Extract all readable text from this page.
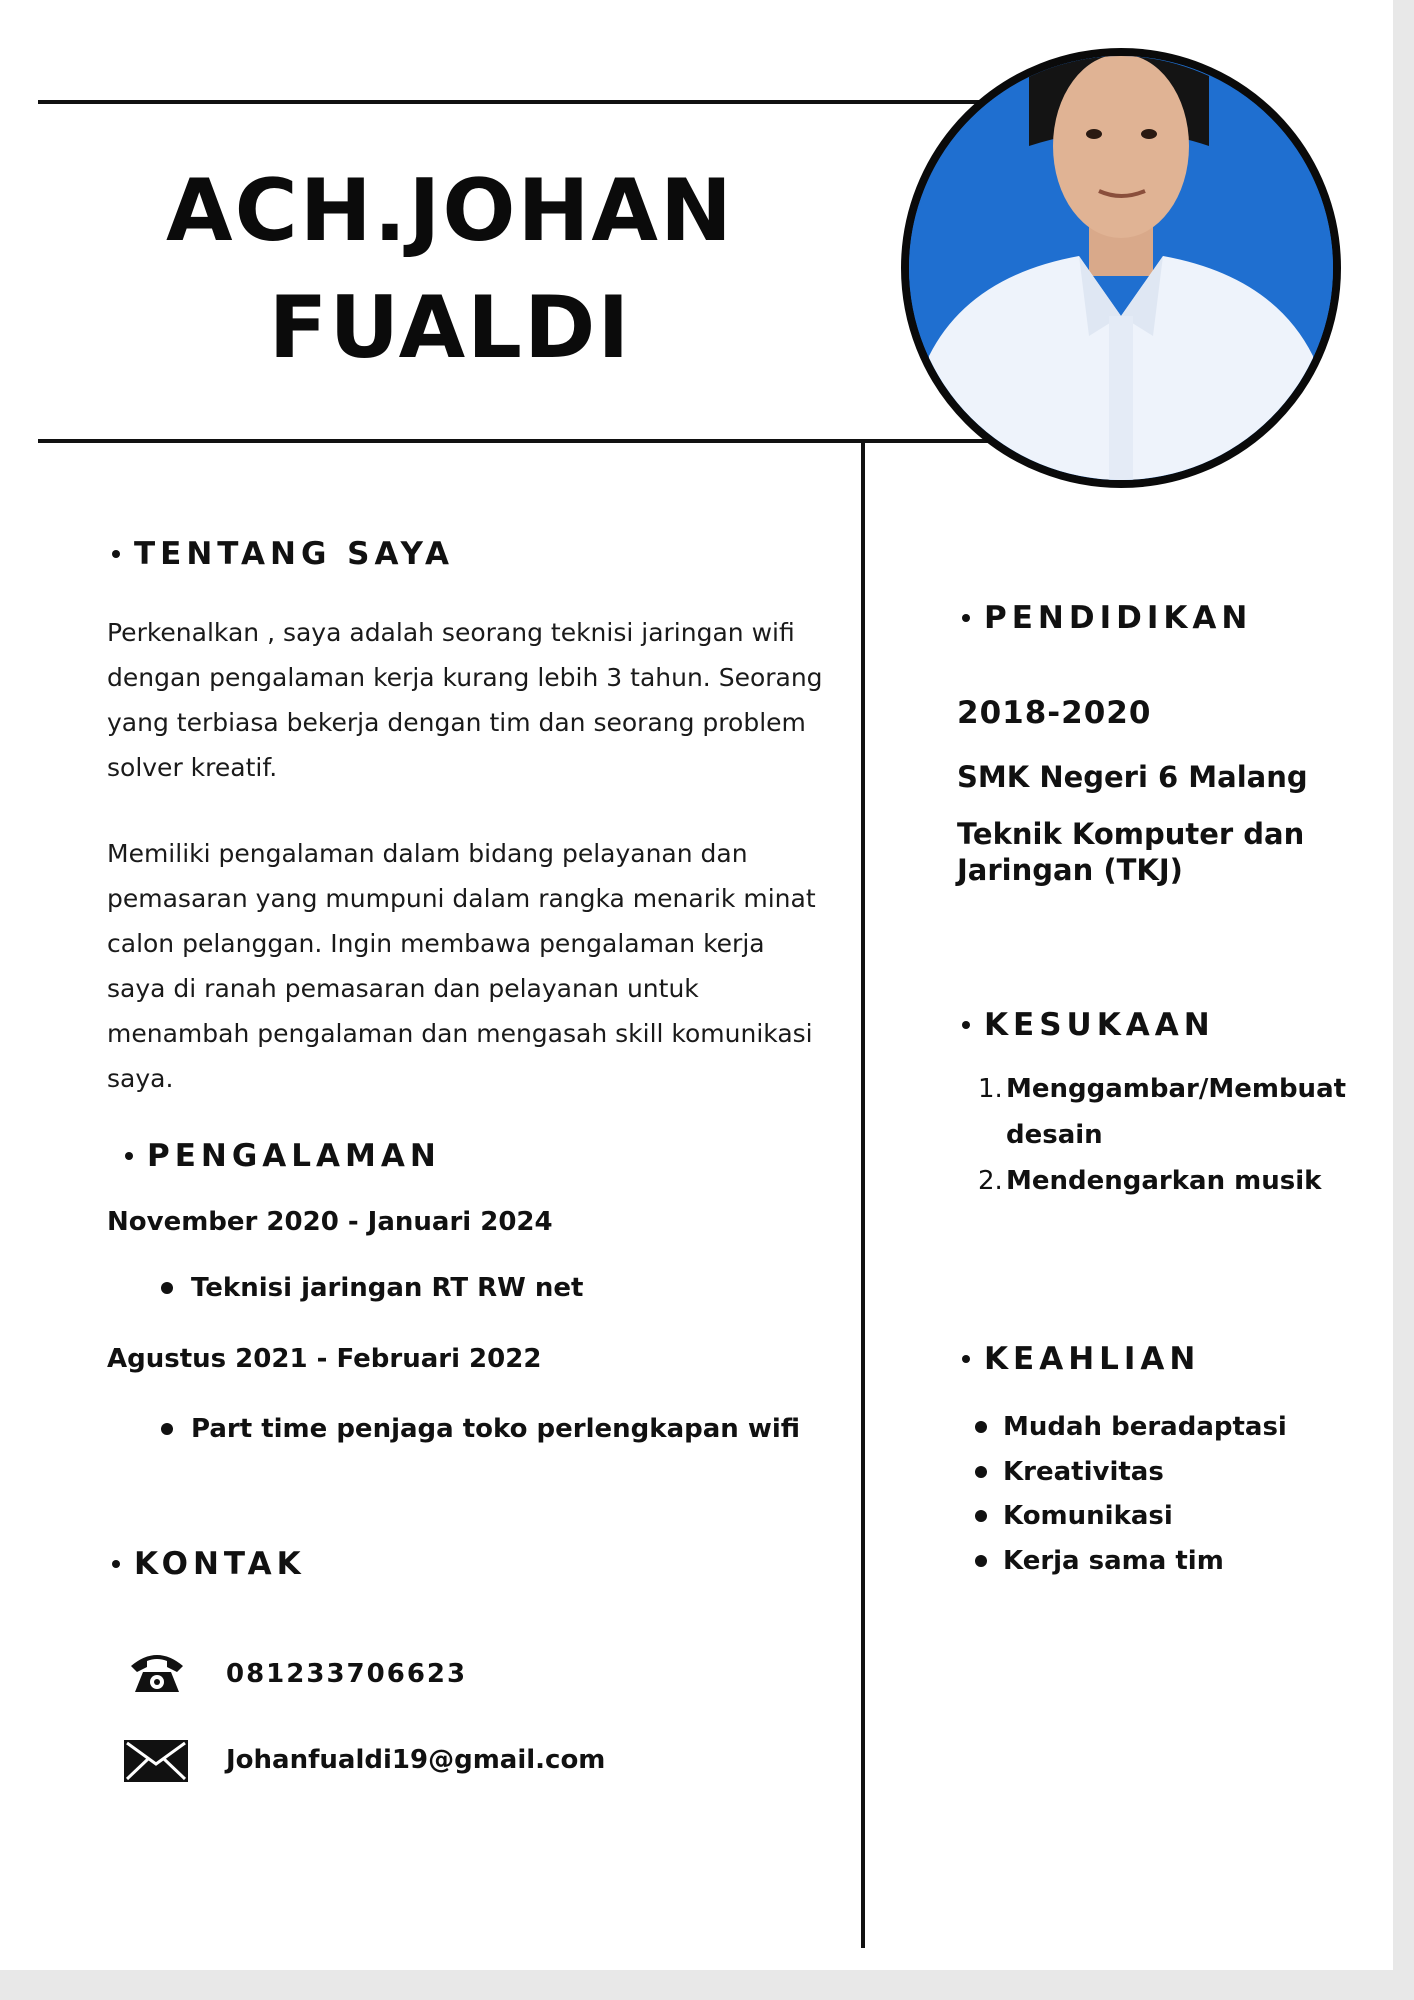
ACH.JOHAN
FUALDI
TENTANG SAYA

Perkenalkan , saya adalah seorang teknisi jaringan wifi dengan pengalaman kerja kurang lebih 3 tahun. Seorang yang terbiasa bekerja dengan tim dan seorang problem solver kreatif.

Memiliki pengalaman dalam bidang pelayanan dan pemasaran yang mumpuni dalam rangka menarik minat calon pelanggan. Ingin membawa pengalaman kerja saya di ranah pemasaran dan pelayanan untuk menambah pengalaman dan mengasah skill komunikasi saya.

PENGALAMAN
November 2020 - Januari 2024
Teknisi jaringan RT RW net
Agustus 2021 - Februari 2022
Part time penjaga toko perlengkapan wifi
KONTAK
081233706623
Johanfualdi19@gmail.com
PENDIDIKAN
2018-2020
SMK Negeri 6 Malang
Teknik Komputer dan
Jaringan (TKJ)
KESUKAAN
1. Menggambar/Membuat
desain
2. Mendengarkan musik
KEAHLIAN
Mudah beradaptasi
Kreativitas
Komunikasi
Kerja sama tim
